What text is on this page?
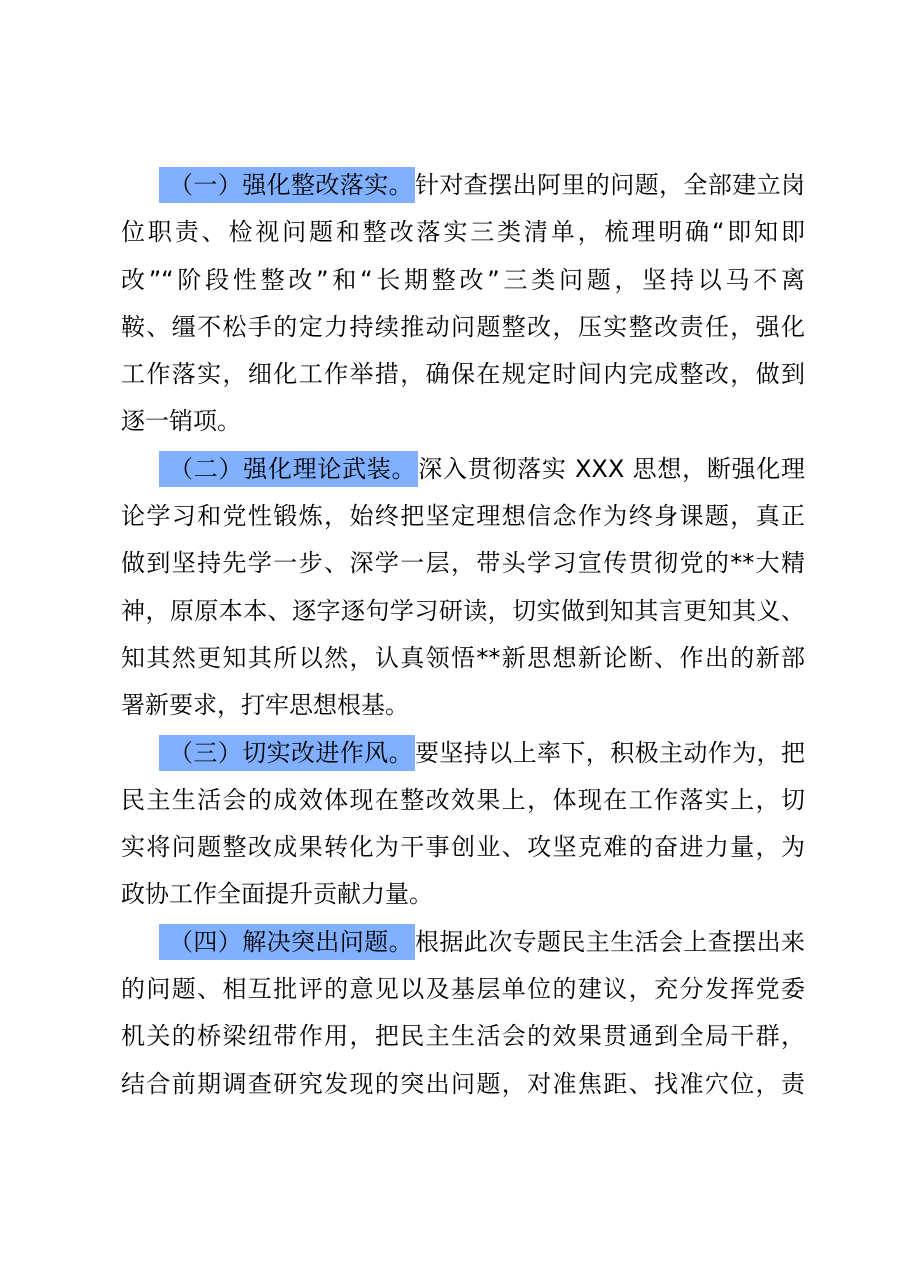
（一）强化整改落实。针对查摆出阿里的问题，全部建立岗
位职责、检视问题和整改落实三类清单，梳理明确“即知即
改”“阶段性整改”和“长期整改”三类问题，坚持以马不离
鞍、缰不松手的定力持续推动问题整改，压实整改责任，强化
工作落实，细化工作举措，确保在规定时间内完成整改，做到
逐一销项。
（二）强化理论武装。深入贯彻落实 XXX 思想，断强化理
论学习和党性锻炼，始终把坚定理想信念作为终身课题，真正
做到坚持先学一步、深学一层，带头学习宣传贯彻党的**大精
神，原原本本、逐字逐句学习研读，切实做到知其言更知其义、
知其然更知其所以然，认真领悟**新思想新论断、作出的新部
署新要求，打牢思想根基。
（三）切实改进作风。要坚持以上率下，积极主动作为，把
民主生活会的成效体现在整改效果上，体现在工作落实上，切
实将问题整改成果转化为干事创业、攻坚克难的奋进力量，为
政协工作全面提升贡献力量。
（四）解决突出问题。根据此次专题民主生活会上查摆出来
的问题、相互批评的意见以及基层单位的建议，充分发挥党委
机关的桥梁纽带作用，把民主生活会的效果贯通到全局干群，
结合前期调查研究发现的突出问题，对准焦距、找准穴位，责
